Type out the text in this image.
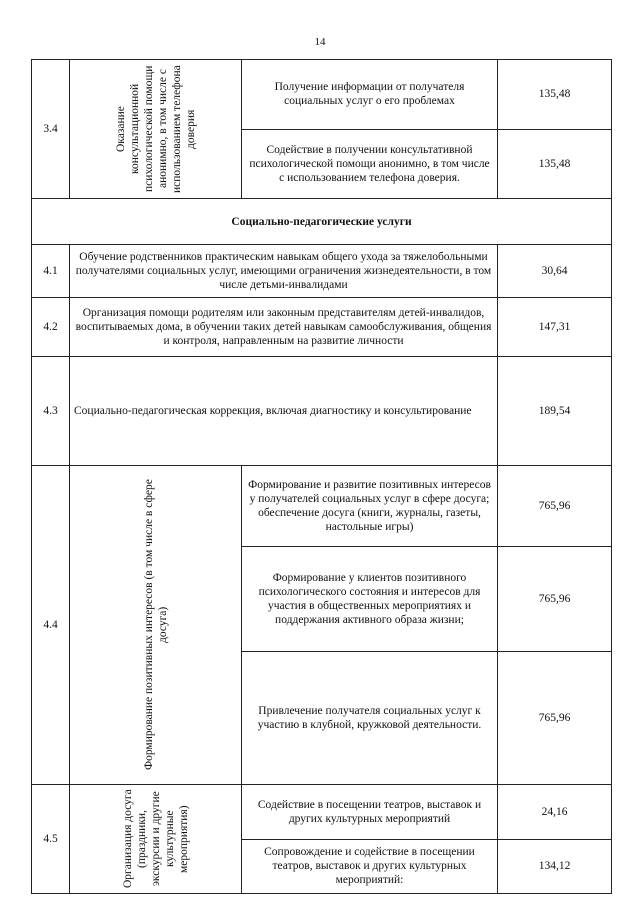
14
3.4	Оказание консультационной психологической помощи анонимно, в том числе с использованием телефона доверия	Получение информации от получателя социальных услуг о его проблемах	135,48
		Содействие в получении консультативной психологической помощи анонимно, в том числе с использованием телефона доверия.	135,48
Социально-педагогические услуги			
4.1	Обучение родственников практическим навыкам общего ухода за тяжелобольными получателями социальных услуг, имеющими ограничения жизнедеятельности, в том числе детьми-инвалидами		30,64
4.2	Организация помощи родителям или законным представителям детей-инвалидов, воспитываемых дома, в обучении таких детей навыкам самообслуживания, общения и контроля, направленным на развитие личности		147,31
4.3	Социально-педагогическая коррекция, включая диагностику и консультирование		189,54
4.4	Формирование позитивных интересов (в том числе в сфере досуга)	Формирование и развитие позитивных интересов у получателей социальных услуг в сфере досуга; обеспечение досуга (книги, журналы, газеты, настольные игры)	765,96
		Формирование у клиентов позитивного психологического состояния и интересов для участия в общественных мероприятиях и поддержания активного образа жизни;	765,96
		Привлечение получателя социальных услуг к участию в клубной, кружковой деятельности.	765,96
4.5	Организация досуга (праздники, экскурсии и другие культурные мероприятия)	Содействие в посещении театров, выставок и других культурных мероприятий	24,16
		Сопровождение и содействие в посещении театров, выставок и других культурных мероприятий:	134,12
